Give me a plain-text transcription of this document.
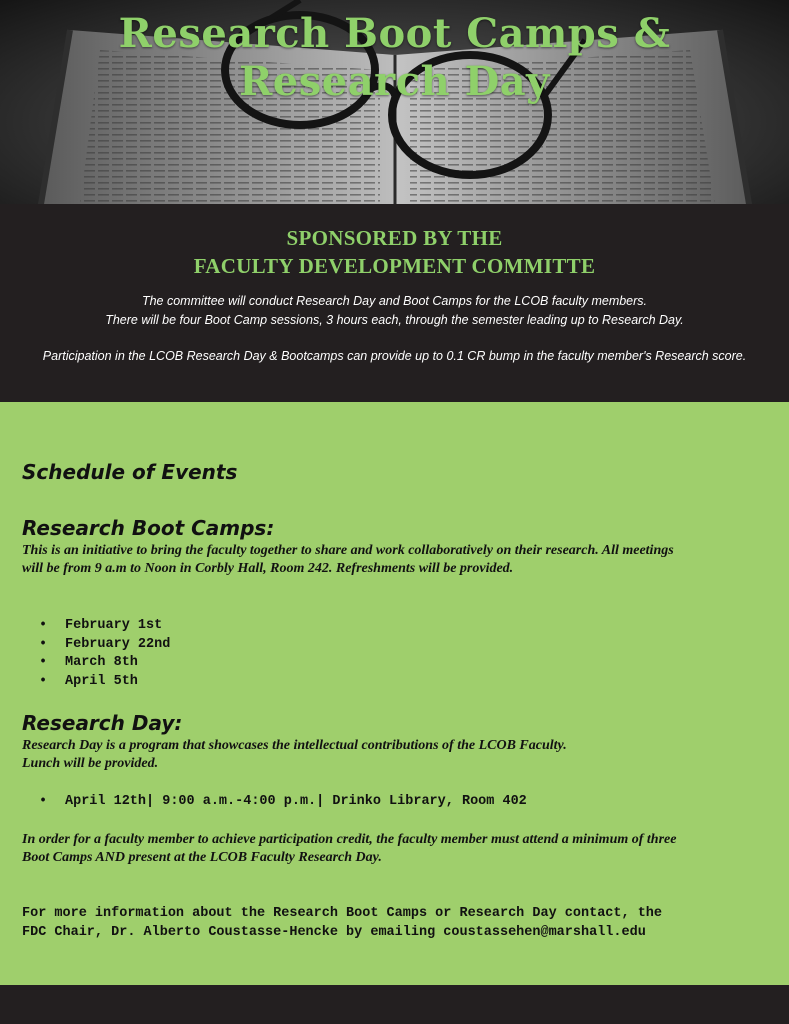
Research Boot Camps &
Research Day
SPONSORED BY THE
FACULTY DEVELOPMENT COMMITTE
The committee will conduct Research Day and Boot Camps for the LCOB faculty members.
There will be four Boot Camp sessions, 3 hours each, through the semester leading up to Research Day.
Participation in the LCOB Research Day & Bootcamps can provide up to 0.1 CR bump in the faculty member's Research score.
Schedule of Events
Research Boot Camps:

This is an initiative to bring the faculty together to share and work collaboratively on their research. All meetings

will be from 9 a.m to Noon in Corbly Hall, Room 242. Refreshments will be provided.

• February 1st
• February 22nd
• March 8th
• April 5th
Research Day:

Research Day is a program that showcases the intellectual contributions of the LCOB Faculty.

Lunch will be provided.

• April 12th| 9:00 a.m.-4:00 p.m.| Drinko Library, Room 402

In order for a faculty member to achieve participation credit, the faculty member must attend a minimum of three

Boot Camps AND present at the LCOB Faculty Research Day.

For more information about the Research Boot Camps or Research Day contact, the

FDC Chair, Dr. Alberto Coustasse-Hencke by emailing coustassehen@marshall.edu
